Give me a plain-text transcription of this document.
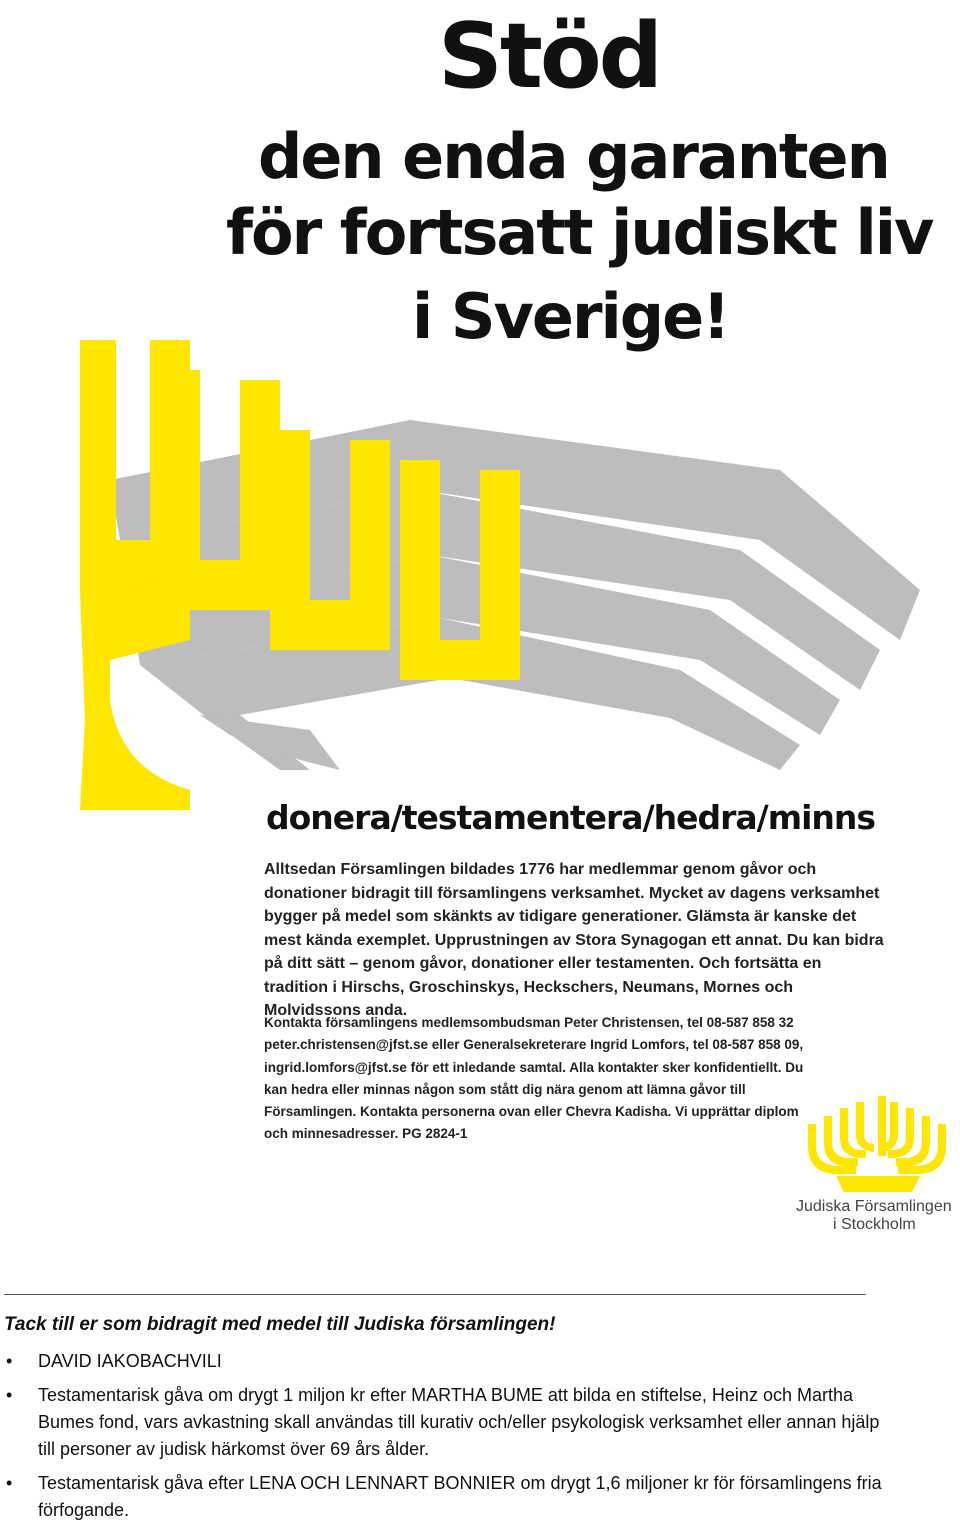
Stöd
den enda garanten
för fortsatt judiskt liv
i Sverige!
donera/testamentera/hedra/minns
Alltsedan Församlingen bildades 1776 har medlemmar genom gåvor och donationer bidragit till församlingens verksamhet. Mycket av dagens verksamhet bygger på medel som skänkts av tidigare generationer. Glämsta är kanske det mest kända exemplet. Upprustningen av Stora Synagogan ett annat. Du kan bidra på ditt sätt – genom gåvor, donationer eller testamenten. Och fortsätta en tradition i Hirschs, Groschinskys, Heckschers, Neumans, Mornes och Molvidssons anda.
Kontakta församlingens medlemsombudsman Peter Christensen, tel 08-587 858 32 peter.christensen@jfst.se eller Generalsekreterare Ingrid Lomfors, tel 08-587 858 09, ingrid.lomfors@jfst.se för ett inledande samtal. Alla kontakter sker konfidentiellt. Du kan hedra eller minnas någon som stått dig nära genom att lämna gåvor till Församlingen. Kontakta personerna ovan eller Chevra Kadisha. Vi upprättar diplom och minnesadresser. PG 2824-1
Judiska Församlingen
i Stockholm
Tack till er som bidragit med medel till Judiska församlingen!
• DAVID IAKOBACHVILI
• Testamentarisk gåva om drygt 1 miljon kr efter MARTHA BUME att bilda en stiftelse, Heinz och Martha Bumes fond, vars avkastning skall användas till kurativ och/eller psykologisk verksamhet eller annan hjälp till personer av judisk härkomst över 69 års ålder.
• Testamentarisk gåva efter LENA OCH LENNART BONNIER om drygt 1,6 miljoner kr för församlingens fria förfogande.
